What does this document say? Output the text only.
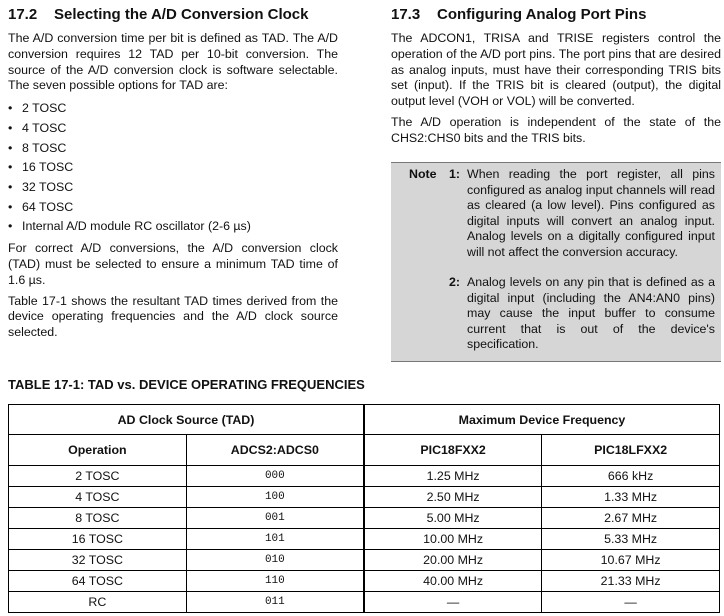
17.2 Selecting the A/D Conversion Clock

The A/D conversion time per bit is defined as TAD. The A/D conversion requires 12 TAD per 10-bit conversion. The source of the A/D conversion clock is software selectable. The seven possible options for TAD are:

• 2 TOSC
• 4 TOSC
• 8 TOSC
• 16 TOSC
• 32 TOSC
• 64 TOSC
• Internal A/D module RC oscillator (2-6 µs)

For correct A/D conversions, the A/D conversion clock (TAD) must be selected to ensure a minimum TAD time of 1.6 µs.

Table 17-1 shows the resultant TAD times derived from the device operating frequencies and the A/D clock source selected.

17.3 Configuring Analog Port Pins

The ADCON1, TRISA and TRISE registers control the operation of the A/D port pins. The port pins that are desired as analog inputs, must have their corresponding TRIS bits set (input). If the TRIS bit is cleared (output), the digital output level (VOH or VOL) will be converted.

The A/D operation is independent of the state of the CHS2:CHS0 bits and the TRIS bits.

Note 1: When reading the port register, all pins configured as analog input channels will read as cleared (a low level). Pins configured as digital inputs will convert an analog input. Analog levels on a digitally configured input will not affect the conversion accuracy.
2: Analog levels on any pin that is defined as a digital input (including the AN4:AN0 pins) may cause the input buffer to consume current that is out of the device's specification.
TABLE 17-1: TAD vs. DEVICE OPERATING FREQUENCIES
AD Clock Source (TAD)		Maximum Device Frequency	
Operation	ADCS2:ADCS0	PIC18FXX2	PIC18LFXX2
2 TOSC	000	1.25 MHz	666 kHz
4 TOSC	100	2.50 MHz	1.33 MHz
8 TOSC	001	5.00 MHz	2.67 MHz
16 TOSC	101	10.00 MHz	5.33 MHz
32 TOSC	010	20.00 MHz	10.67 MHz
64 TOSC	110	40.00 MHz	21.33 MHz
RC	011	—	—
